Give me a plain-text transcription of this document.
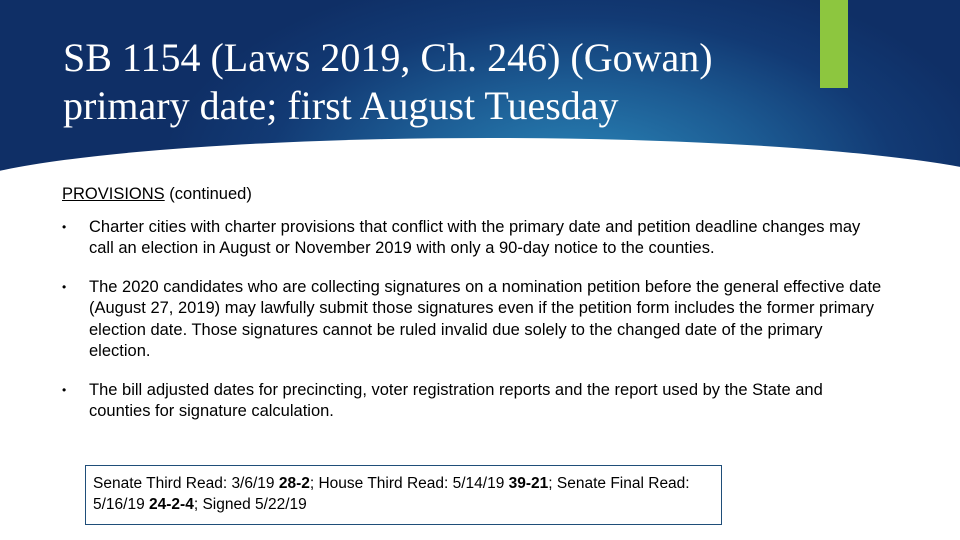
SB 1154 (Laws 2019, Ch. 246) (Gowan)
primary date; first August Tuesday

PROVISIONS (continued)

• Charter cities with charter provisions that conflict with the primary date and petition deadline changes may call an election in August or November 2019 with only a 90-day notice to the counties.
• The 2020 candidates who are collecting signatures on a nomination petition before the general effective date (August 27, 2019) may lawfully submit those signatures even if the petition form includes the former primary election date. Those signatures cannot be ruled invalid due solely to the changed date of the primary election.
• The bill adjusted dates for precincting, voter registration reports and the report used by the State and counties for signature calculation.
Senate Third Read: 3/6/19 28-2; House Third Read: 5/14/19 39-21; Senate Final Read: 5/16/19 24-2-4; Signed 5/22/19
